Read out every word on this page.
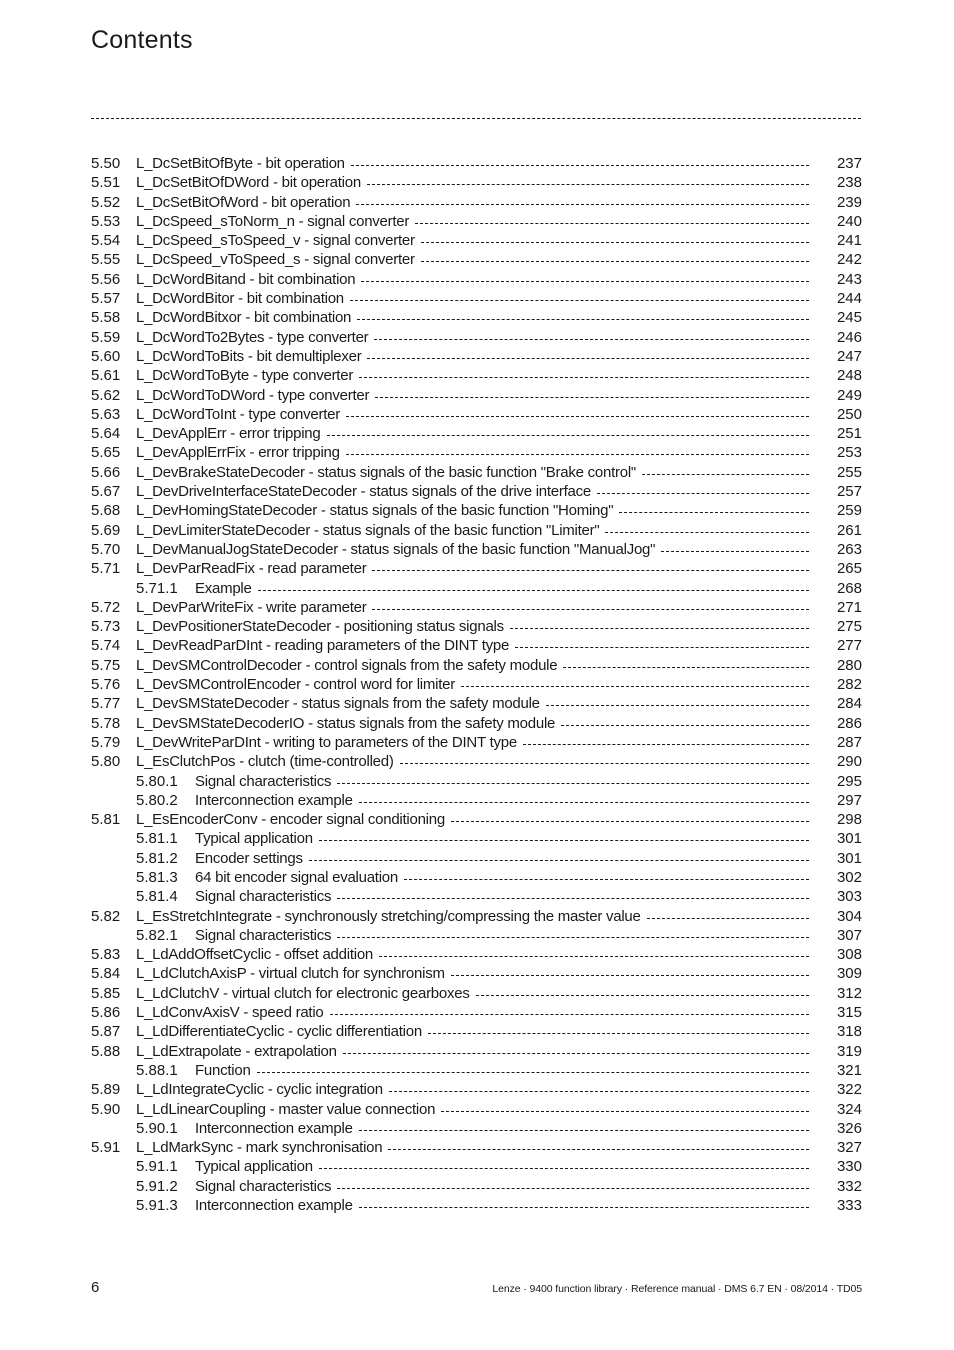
Contents
5.50 L_DcSetBitOfByte - bit operation	237
5.51 L_DcSetBitOfDWord - bit operation	238
5.52 L_DcSetBitOfWord - bit operation	239
5.53 L_DcSpeed_sToNorm_n - signal converter	240
5.54 L_DcSpeed_sToSpeed_v - signal converter	241
5.55 L_DcSpeed_vToSpeed_s - signal converter	242
5.56 L_DcWordBitand - bit combination	243
5.57 L_DcWordBitor - bit combination	244
5.58 L_DcWordBitxor - bit combination	245
5.59 L_DcWordTo2Bytes - type converter	246
5.60 L_DcWordToBits - bit demultiplexer	247
5.61 L_DcWordToByte - type converter	248
5.62 L_DcWordToDWord - type converter	249
5.63 L_DcWordToInt - type converter	250
5.64 L_DevApplErr - error tripping	251
5.65 L_DevApplErrFix - error tripping	253
5.66 L_DevBrakeStateDecoder - status signals of the basic function "Brake control"	255
5.67 L_DevDriveInterfaceStateDecoder - status signals of the drive interface	257
5.68 L_DevHomingStateDecoder - status signals of the basic function "Homing"	259
5.69 L_DevLimiterStateDecoder - status signals of the basic function "Limiter"	261
5.70 L_DevManualJogStateDecoder - status signals of the basic function "ManualJog"	263
5.71 L_DevParReadFix - read parameter	265
5.71.1 Example	268
5.72 L_DevParWriteFix - write parameter	271
5.73 L_DevPositionerStateDecoder - positioning status signals	275
5.74 L_DevReadParDInt - reading parameters of the DINT type	277
5.75 L_DevSMControlDecoder - control signals from the safety module	280
5.76 L_DevSMControlEncoder - control word for limiter	282
5.77 L_DevSMStateDecoder - status signals from the safety module	284
5.78 L_DevSMStateDecoderIO - status signals from the safety module	286
5.79 L_DevWriteParDInt - writing to parameters of the DINT type	287
5.80 L_EsClutchPos - clutch (time-controlled)	290
5.80.1 Signal characteristics	295
5.80.2 Interconnection example	297
5.81 L_EsEncoderConv - encoder signal conditioning	298
5.81.1 Typical application	301
5.81.2 Encoder settings	301
5.81.3 64 bit encoder signal evaluation	302
5.81.4 Signal characteristics	303
5.82 L_EsStretchIntegrate - synchronously stretching/compressing the master value	304
5.82.1 Signal characteristics	307
5.83 L_LdAddOffsetCyclic - offset addition	308
5.84 L_LdClutchAxisP - virtual clutch for synchronism	309
5.85 L_LdClutchV - virtual clutch for electronic gearboxes	312
5.86 L_LdConvAxisV - speed ratio	315
5.87 L_LdDifferentiateCyclic - cyclic differentiation	318
5.88 L_LdExtrapolate - extrapolation	319
5.88.1 Function	321
5.89 L_LdIntegrateCyclic - cyclic integration	322
5.90 L_LdLinearCoupling - master value connection	324
5.90.1 Interconnection example	326
5.91 L_LdMarkSync - mark synchronisation	327
5.91.1 Typical application	330
5.91.2 Signal characteristics	332
5.91.3 Interconnection example	333
6	Lenze · 9400 function library · Reference manual · DMS 6.7 EN · 08/2014 · TD05
